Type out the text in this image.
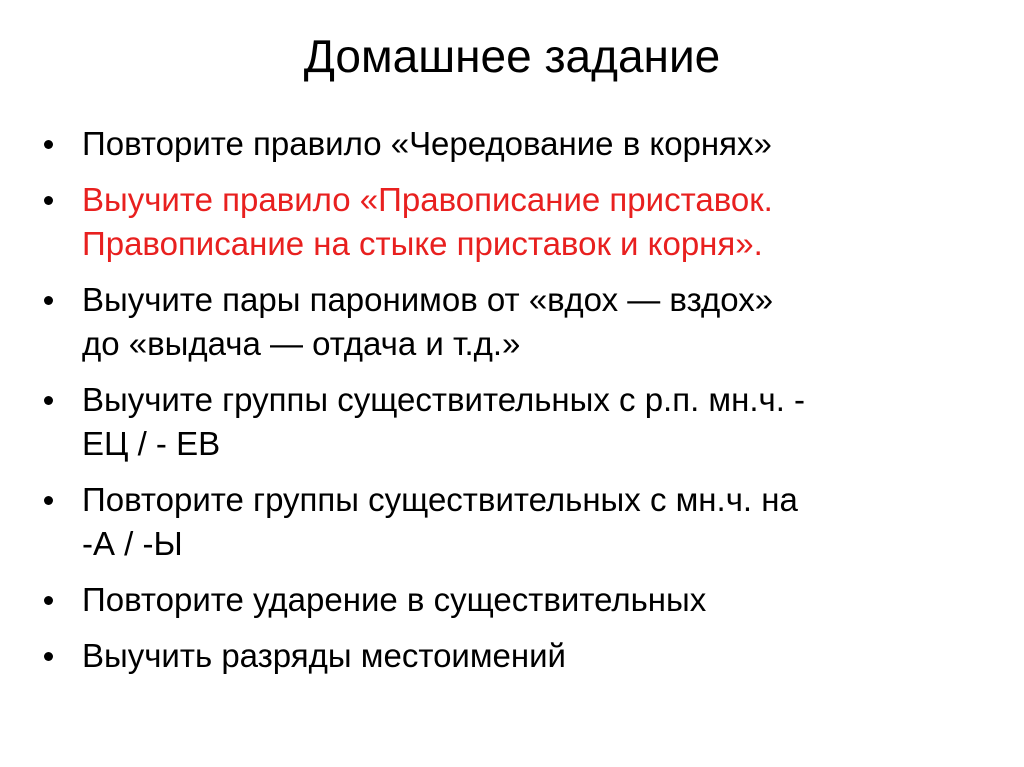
Домашнее задание
Повторите правило «Чередование в корнях»
Выучите правило «Правописание приставок.
Правописание на стыке приставок и корня».
Выучите пары паронимов от «вдох — вздох»
до «выдача — отдача и т.д.»
Выучите группы существительных с р.п. мн.ч. -
ЕЦ / - ЕВ
Повторите группы существительных с мн.ч. на
-А / -Ы
Повторите ударение в существительных
Выучить разряды местоимений
